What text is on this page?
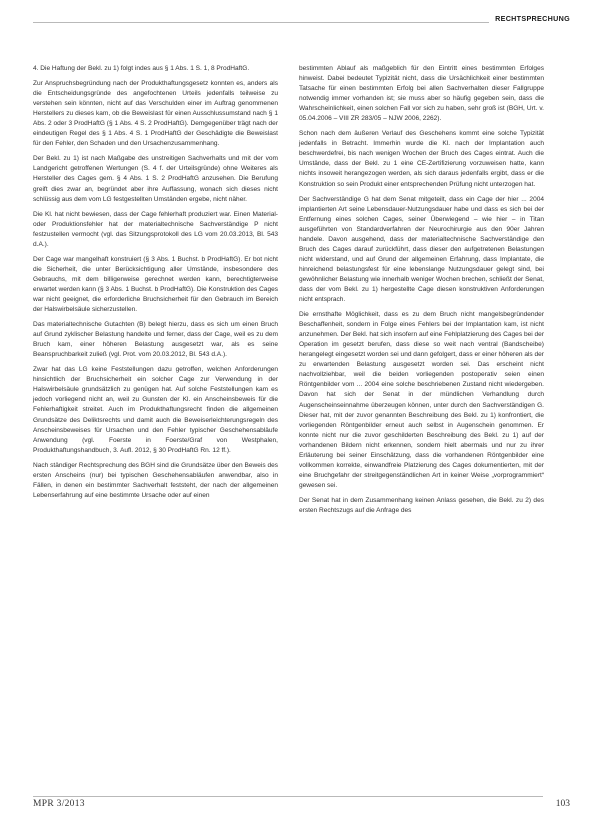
RECHTSPRECHUNG

4. Die Haftung der Bekl. zu 1) folgt indes aus § 1 Abs. 1 S. 1, 8 ProdHaftG.

Zur Anspruchsbegründung nach der Produkthaftungsgesetz konnten es, anders als die Entscheidungsgründe des angefochtenen Urteils jedenfalls teilweise zu verstehen sein könnten, nicht auf das Verschulden einer im Auftrag genommenen Herstellers zu dieses kam, ob die Beweislast für einen Ausschlussumstand nach § 1 Abs. 2 oder 3 ProdHaftG (§ 1 Abs. 4 S. 2 ProdHaftG). Demgegenüber trägt nach der eindeutigen Regel des § 1 Abs. 4 S. 1 ProdHaftG der Geschädigte die Beweislast für den Fehler, den Schaden und den Ursachenzusammenhang.

Der Bekl. zu 1) ist nach Maßgabe des unstreitigen Sachverhalts und mit der vom Landgericht getroffenen Wertungen (S. 4 f. der Urteilsgründe) ohne Weiteres als Hersteller des Cages gem. § 4 Abs. 1 S. 2 ProdHaftG anzusehen. Die Berufung greift dies zwar an, begründet aber ihre Auffassung, wonach sich dieses nicht schlüssig aus dem vom LG festgestellten Umständen ergebe, nicht näher.

Die Kl. hat nicht bewiesen, dass der Cage fehlerhaft produziert war. Einen Material- oder Produktionsfehler hat der materialtechnische Sachverständige P nicht festzustellen vermocht (vgl. das Sitzungsprotokoll des LG vom 20.03.2013, Bl. 543 d.A.).

Der Cage war mangelhaft konstruiert (§ 3 Abs. 1 Buchst. b ProdHaftG). Er bot nicht die Sicherheit, die unter Berücksichtigung aller Umstände, insbesondere des Gebrauchs, mit dem billigerweise gerechnet werden kann, berechtigterweise erwartet werden kann (§ 3 Abs. 1 Buchst. b ProdHaftG). Die Konstruktion des Cages war nicht geeignet, die erforderliche Bruchsicherheit für den Gebrauch im Bereich der Halswirbelsäule sicherzustellen.

Das materialtechnische Gutachten (B) belegt hierzu, dass es sich um einen Bruch auf Grund zyklischer Belastung handelte und ferner, dass der Cage, weil es zu dem Bruch kam, einer höheren Belastung ausgesetzt war, als es seine Beanspruchbarkeit zuließ (vgl. Prot. vom 20.03.2012, Bl. 543 d.A.).

Zwar hat das LG keine Feststellungen dazu getroffen, welchen Anforderungen hinsichtlich der Bruchsicherheit ein solcher Cage zur Verwendung in der Halswirbelsäule grundsätzlich zu genügen hat. Auf solche Feststellungen kam es jedoch vorliegend nicht an, weil zu Gunsten der Kl. ein Anscheinsbeweis für die Fehlerhaftigkeit streitet. Auch im Produkthaftungsrecht finden die allgemeinen Grundsätze des Deliktsrechts und damit auch die Beweiserleichterungsregeln des Anscheinsbeweises für Ursachen und den Fehler typischer Geschehensabläufe Anwendung (vgl. Foerste in Foerste/Graf von Westphalen, Produkthaftungshandbuch, 3. Aufl. 2012, § 30 ProdHaftG Rn. 12 ff.).

Nach ständiger Rechtsprechung des BGH sind die Grundsätze über den Beweis des ersten Anscheins (nur) bei typischen Geschehensabläufen anwendbar, also in Fällen, in denen ein bestimmter Sachverhalt feststeht, der nach der allgemeinen Lebenserfahrung auf eine bestimmte Ursache oder auf einen

bestimmten Ablauf als maßgeblich für den Eintritt eines bestimmten Erfolges hinweist. Dabei bedeutet Typizität nicht, dass die Ursächlichkeit einer bestimmten Tatsache für einen bestimmten Erfolg bei allen Sachverhalten dieser Fallgruppe notwendig immer vorhanden ist; sie muss aber so häufig gegeben sein, dass die Wahrscheinlichkeit, einen solchen Fall vor sich zu haben, sehr groß ist (BGH, Urt. v. 05.04.2006 – VIII ZR 283/05 – NJW 2006, 2262).

Schon nach dem äußeren Verlauf des Geschehens kommt eine solche Typizität jedenfalls in Betracht. Immerhin wurde die Kl. nach der Implantation auch beschwerdefrei, bis nach wenigen Wochen der Bruch des Cages eintrat. Auch die Umstände, dass der Bekl. zu 1 eine CE-Zertifizierung vorzuweisen hatte, kann nichts insoweit herangezogen werden, als sich daraus jedenfalls ergibt, dass er die Konstruktion so sein Produkt einer entsprechenden Prüfung nicht unterzogen hat.

Der Sachverständige G hat dem Senat mitgeteilt, dass ein Cage der hier ... 2004 implantierten Art seine Lebensdauer-Nutzungsdauer habe und dass es sich bei der Entfernung eines solchen Cages, seiner Überwiegend – wie hier – in Titan ausgeführten von Standardverfahren der Neurochirurgie aus den 90er Jahren handele. Davon ausgehend, dass der materialtechnische Sachverständige den Bruch des Cages darauf zurückführt, dass dieser den aufgetretenen Belastungen nicht widerstand, und auf Grund der allgemeinen Erfahrung, dass Implantate, die hinreichend belastungsfest für eine lebenslange Nutzungsdauer gelegt sind, bei gewöhnlicher Belastung wie innerhalb weniger Wochen brechen, schließt der Senat, dass der vom Bekl. zu 1) hergestellte Cage diesen konstruktiven Anforderungen nicht entsprach.

Die ernsthafte Möglichkeit, dass es zu dem Bruch nicht mangelsbegründender Beschaffenheit, sondern in Folge eines Fehlers bei der Implantation kam, ist nicht anzunehmen. Der Bekl. hat sich insofern auf eine Fehlplatzierung des Cages bei der Operation im gesetzt berufen, dass diese so weit nach ventral (Bandscheibe) herangelegt eingesetzt worden sei und dann gefolgert, dass er einer höheren als der zu erwartenden Belastung ausgesetzt worden sei. Das erscheint nicht nachvollziehbar, weil die beiden vorliegenden postoperativ seien einen Röntgenbilder vom ... 2004 eine solche beschriebenen Zustand nicht wiedergeben. Davon hat sich der Senat in der mündlichen Verhandlung durch Augenscheinseinnahme überzeugen können, unter durch den Sachverständigen G. Dieser hat, mit der zuvor genannten Beschreibung des Bekl. zu 1) konfrontiert, die vorliegenden Röntgenbilder erneut auch selbst in Augenschein genommen. Er konnte nicht nur die zuvor geschilderten Beschreibung des Bekl. zu 1) auf der vorhandenen Bildern nicht erkennen, sondern hielt abermals und nur zu ihrer Erläuterung bei seiner Einschätzung, dass die vorhandenen Röntgenbilder eine vollkommen korrekte, einwandfreie Platzierung des Cages dokumentierten, mit der eine Bruchgefahr der streitgegenständlichen Art in keiner Weise „vorprogrammiert“ gewesen sei.

Der Senat hat in dem Zusammenhang keinen Anlass gesehen, die Bekl. zu 2) des ersten Rechtszugs auf die Anfrage des

MPR 3/2013	103
